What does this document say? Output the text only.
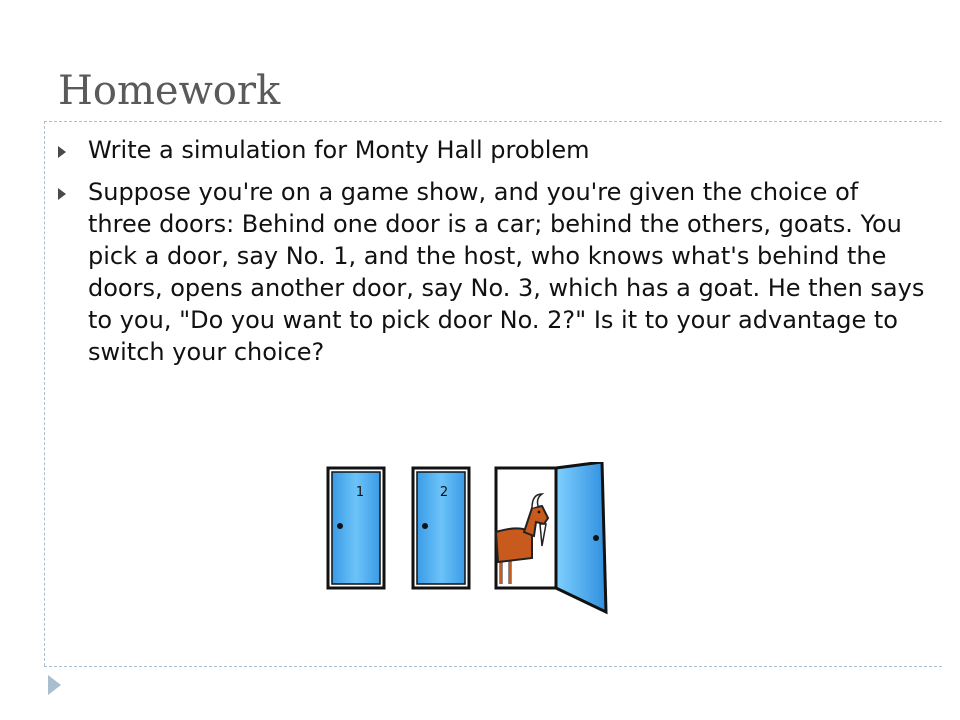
Homework
Write a simulation for Monty Hall problem
Suppose you're on a game show, and you're given the choice of three doors: Behind one door is a car; behind the others, goats. You pick a door, say No. 1, and the host, who knows what's behind the doors, opens another door, say No. 3, which has a goat. He then says to you, "Do you want to pick door No. 2?" Is it to your advantage to switch your choice?
1	2
